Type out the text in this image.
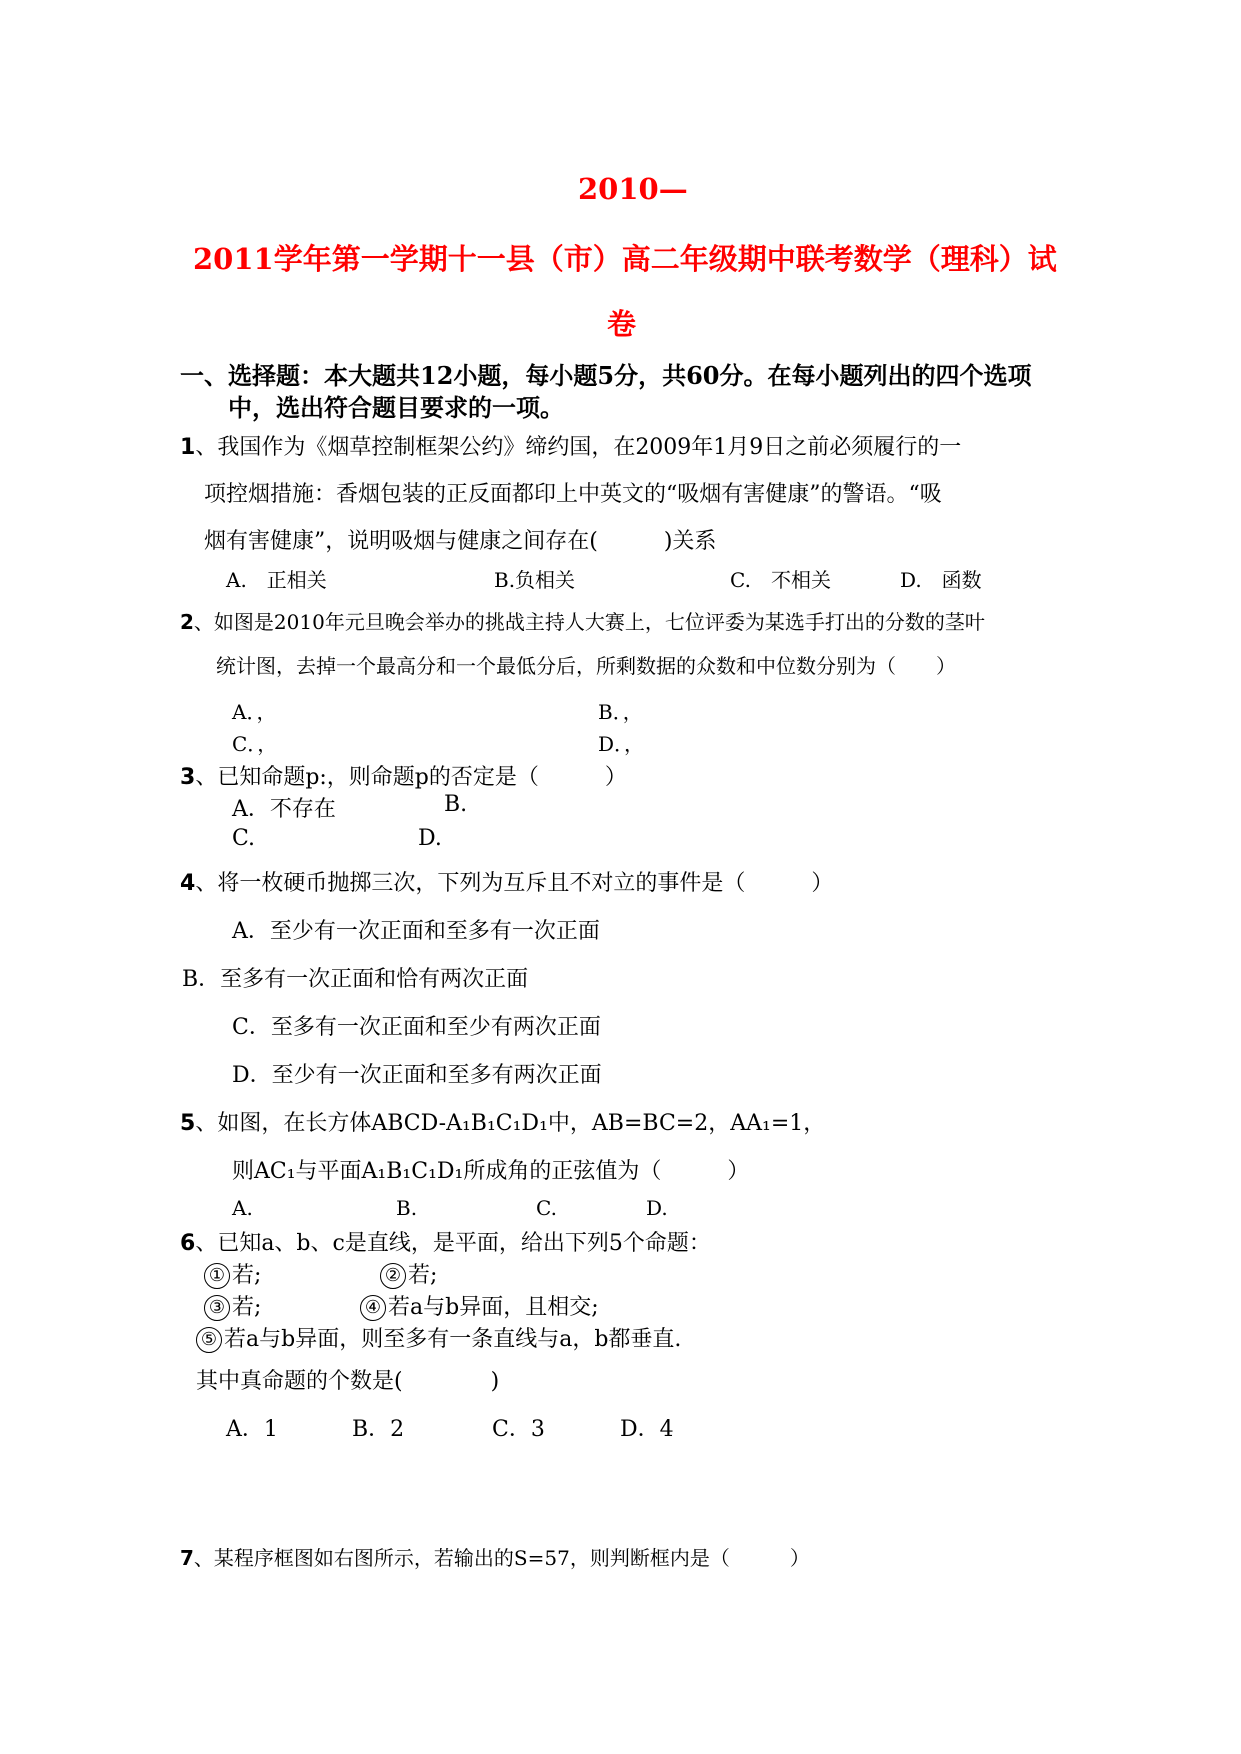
2010—
2011学年第一学期十一县（市）高二年级期中联考数学（理科）试
卷
一、选择题：本大题共12小题，每小题5分，共60分。在每小题列出的四个选项
中，选出符合题目要求的一项。
1、我国作为《烟草控制框架公约》缔约国，在2009年1月9日之前必须履行的一
项控烟措施：香烟包装的正反面都印上中英文的“吸烟有害健康”的警语。“吸
烟有害健康”，说明吸烟与健康之间存在(　　　)关系
A.　正相关	B.负相关	C.　不相关	D.　函数
2、如图是2010年元旦晚会举办的挑战主持人大赛上，七位评委为某选手打出的分数的茎叶
统计图，去掉一个最高分和一个最低分后，所剩数据的众数和中位数分别为（　　）
A．，	B．，
C．，	D．，
3、已知命题p:，则命题p的否定是（　　　）
A．不存在	B.
C.	D.
4、将一枚硬币抛掷三次，下列为互斥且不对立的事件是（　　　）
A．至少有一次正面和至多有一次正面
B．至多有一次正面和恰有两次正面
C．至多有一次正面和至少有两次正面
D．至少有一次正面和至多有两次正面
5、如图，在长方体ABCD-A₁B₁C₁D₁中，AB=BC=2，AA₁=1，
则AC₁与平面A₁B₁C₁D₁所成角的正弦值为（　　　）
A.	B.	C.	D.
6、已知a、b、c是直线，是平面，给出下列5个命题：
① 若;	② 若;
③ 若;	④ 若a与b异面，且相交;
⑤ 若a与b异面，则至多有一条直线与a，b都垂直.
其中真命题的个数是(　　　　)
A．1	B．2	C．3	D．4
7、某程序框图如右图所示，若输出的S=57，则判断框内是（　　　）
